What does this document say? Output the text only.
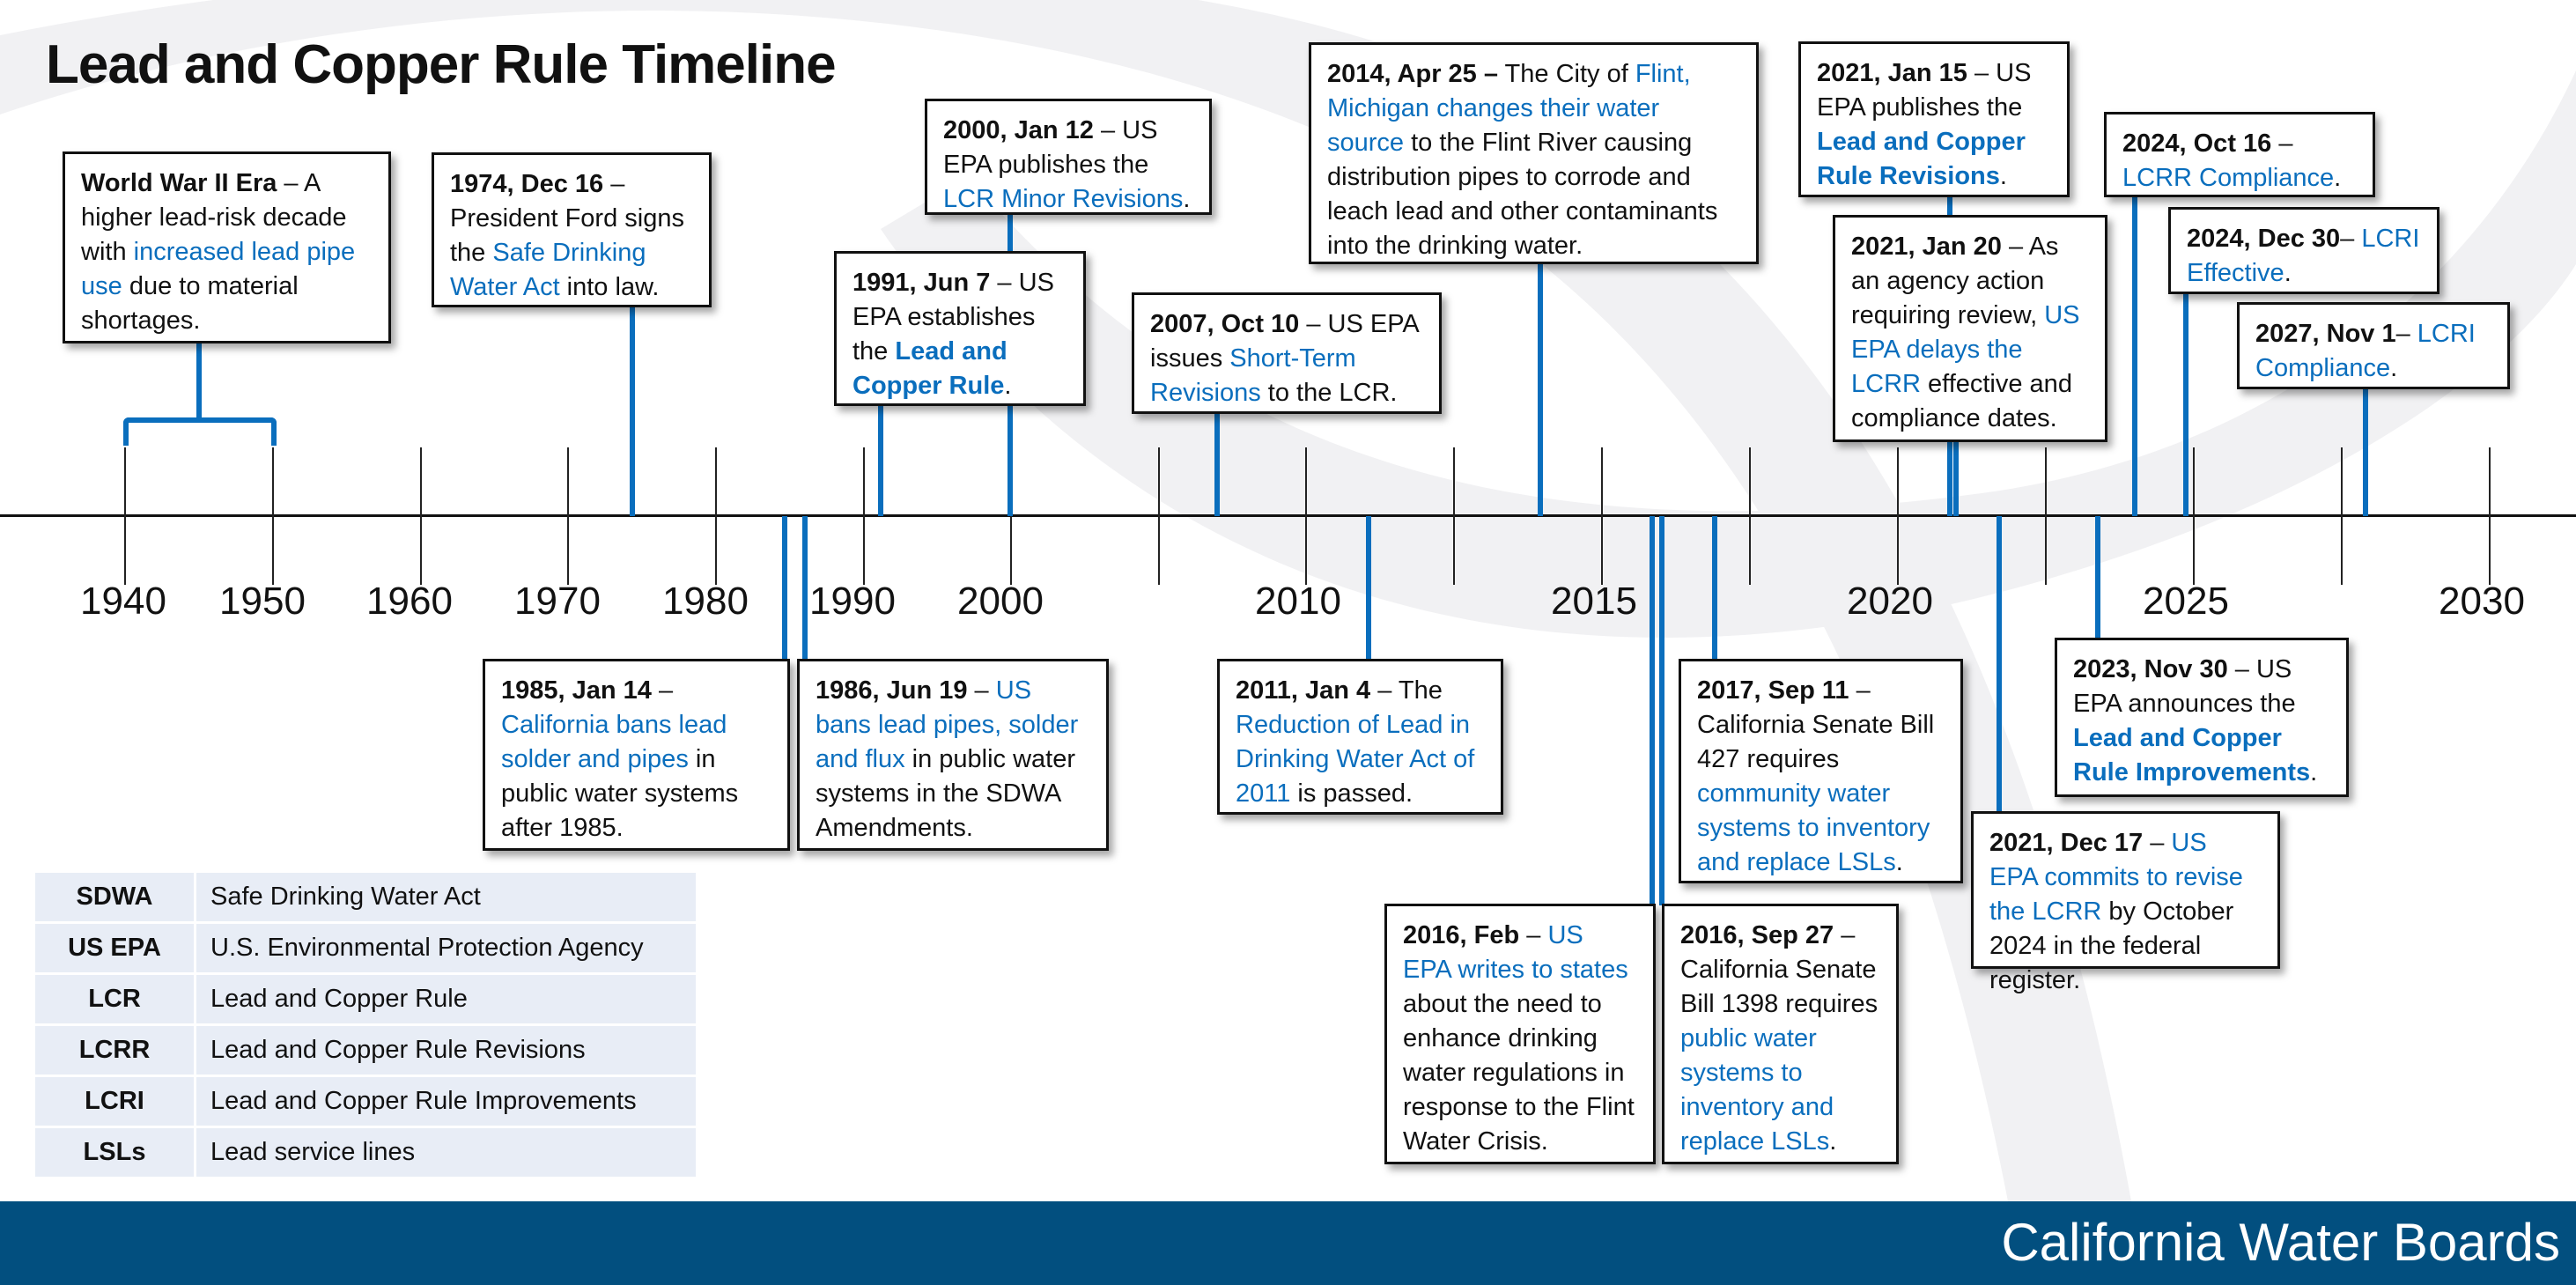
Lead and Copper Rule Timeline
1940 1950 1960 1970 1980 1990 2000	2010	2015	2020	2025	2030
World War II Era – A higher lead-risk decade with increased lead pipe use due to material shortages.
1974, Dec 16 – President Ford signs the Safe Drinking Water Act into law.
2000, Jan 12 – US EPA publishes the LCR Minor Revisions.
1991, Jun 7 – US EPA establishes the Lead and Copper Rule.
2007, Oct 10 – US EPA issues Short-Term Revisions to the LCR.
2014, Apr 25 – The City of Flint, Michigan changes their water source to the Flint River causing distribution pipes to corrode and leach lead and other contaminants into the drinking water.
2021, Jan 15 – US EPA publishes the Lead and Copper Rule Revisions.
2021, Jan 20 – As an agency action requiring review, US EPA delays the LCRR effective and compliance dates.
2024, Oct 16 – LCRR Compliance.
2024, Dec 30– LCRI Effective.
2027, Nov 1– LCRI Compliance.
1985, Jan 14 – California bans lead solder and pipes in public water systems after 1985.
1986, Jun 19 – US bans lead pipes, solder and flux in public water systems in the SDWA Amendments.
2011, Jan 4 – The Reduction of Lead in Drinking Water Act of 2011 is passed.
2016, Feb – US EPA writes to states about the need to enhance drinking water regulations in response to the Flint Water Crisis.
2016, Sep 27 – California Senate Bill 1398 requires public water systems to inventory and replace LSLs.
2017, Sep 11 – California Senate Bill 427 requires community water systems to inventory and replace LSLs.
2021, Dec 17 – US EPA commits to revise the LCRR by October 2024 in the federal register.
2023, Nov 30 – US EPA announces the Lead and Copper Rule Improvements.
SDWA	Safe Drinking Water Act
US EPA	U.S. Environmental Protection Agency
LCR	Lead and Copper Rule
LCRR	Lead and Copper Rule Revisions
LCRI	Lead and Copper Rule Improvements
LSLs	Lead service lines
California Water Boards
